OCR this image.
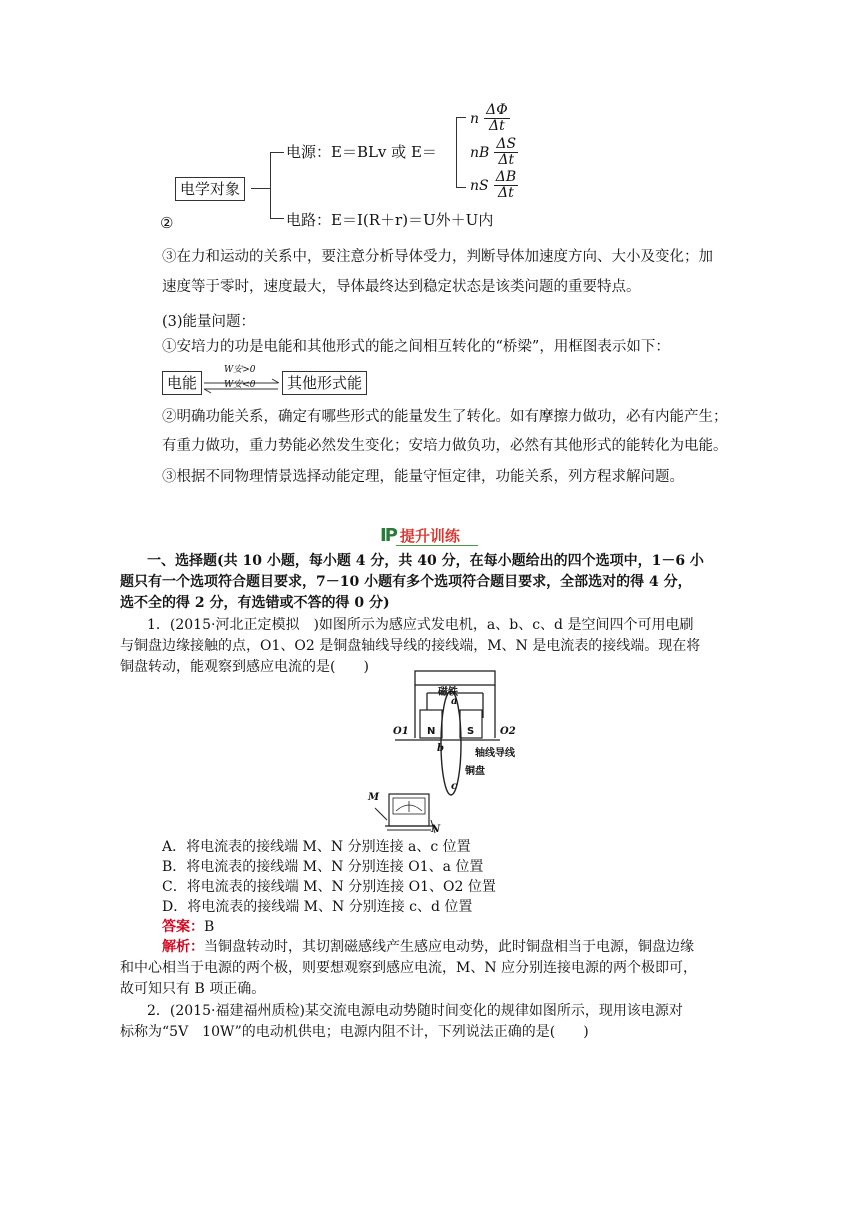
电学对象
电源：E＝BLv 或 E＝
n $\frac{\Delta\Phi}{\Delta t}$
nB $\frac{\Delta S}{\Delta t}$
nS $\frac{\Delta B}{\Delta t}$
②	电路：E＝I(R＋r)＝U外＋U内
③在力和运动的关系中，要注意分析导体受力，判断导体加速度方向、大小及变化；加
速度等于零时，速度最大，导体最终达到稳定状态是该类问题的重要特点。
(3)能量问题：
①安培力的功是电能和其他形式的能之间相互转化的“桥梁”，用框图表示如下：
电能
W安>0
W安<0	其他形式能
②明确功能关系，确定有哪些形式的能量发生了转化。如有摩擦力做功，必有内能产生；
有重力做功，重力势能必然发生变化；安培力做负功，必然有其他形式的能转化为电能。
③根据不同物理情景选择动能定理，能量守恒定律，功能关系，列方程求解问题。
IP 提升训练
一、选择题(共 10 小题，每小题 4 分，共 40 分，在每小题给出的四个选项中，1－6 小
题只有一个选项符合题目要求，7－10 小题有多个选项符合题目要求，全部选对的得 4 分，
选不全的得 2 分，有选错或不答的得 0 分)
1．(2015·河北正定模拟　)如图所示为感应式发电机，a、b、c、d 是空间四个可用电刷
与铜盘边缘接触的点，O1、O2 是铜盘轴线导线的接线端，M、N 是电流表的接线端。现在将
铜盘转动，能观察到感应电流的是(　　)
磁铁
N	S
a
b
c
O1	O2
轴线导线
铜盘
M
N
A．将电流表的接线端 M、N 分别连接 a、c 位置
B．将电流表的接线端 M、N 分别连接 O1、a 位置
C．将电流表的接线端 M、N 分别连接 O1、O2 位置
D．将电流表的接线端 M、N 分别连接 c、d 位置
答案：B
解析：当铜盘转动时，其切割磁感线产生感应电动势，此时铜盘相当于电源，铜盘边缘
和中心相当于电源的两个极，则要想观察到感应电流，M、N 应分别连接电源的两个极即可，
故可知只有 B 项正确。
2．(2015·福建福州质检)某交流电源电动势随时间变化的规律如图所示，现用该电源对
标称为“5V　10W”的电动机供电；电源内阻不计，下列说法正确的是(　　)
